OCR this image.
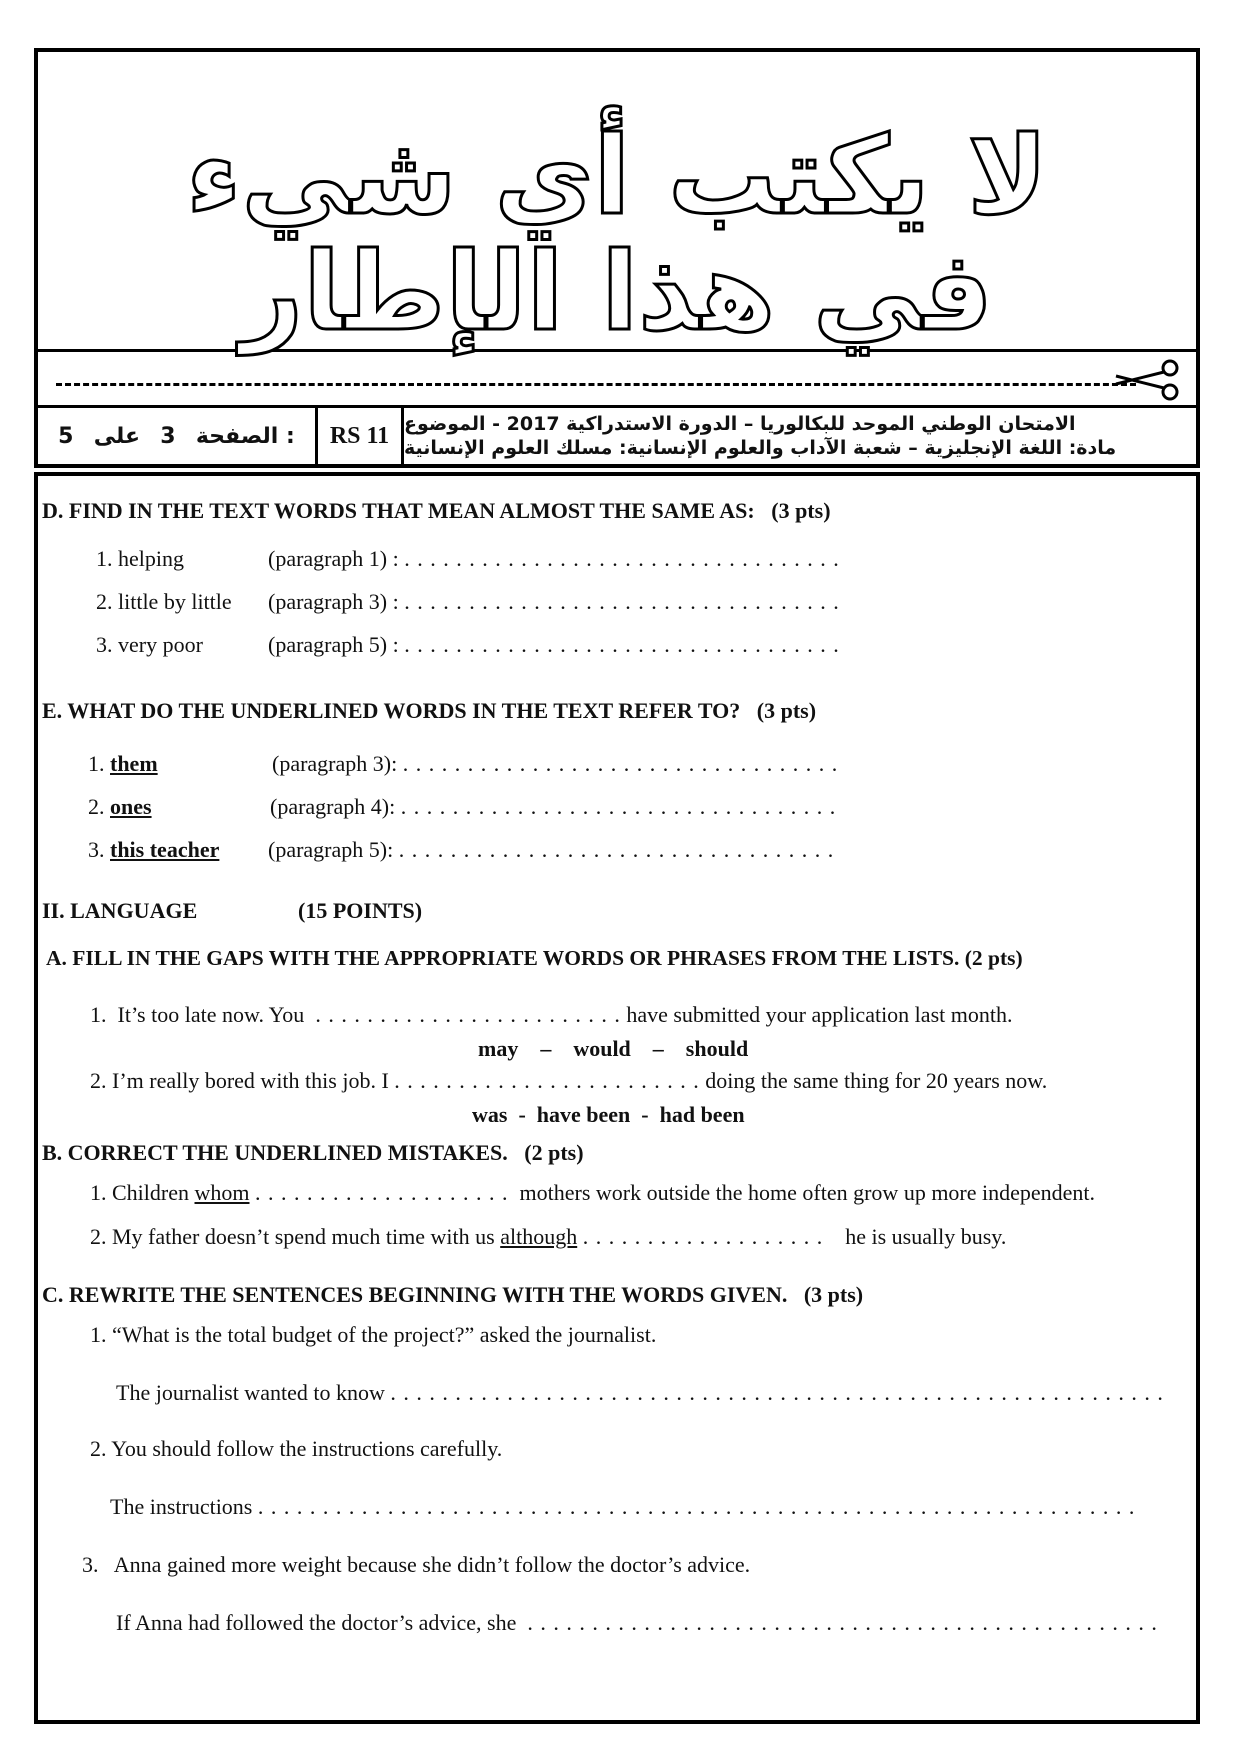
لا يكتب أي شيء
في هذا الإطار
5 على 3 الصفحة :	RS 11 الامتحان الوطني الموحد للبكالوريا – الدورة الاستدراكية 2017 - الموضوع
مادة: اللغة الإنجليزية – شعبة الآداب والعلوم الإنسانية: مسلك العلوم الإنسانية
D. FIND IN THE TEXT WORDS THAT MEAN ALMOST THE SAME AS: (3 pts)
1. helping	(paragraph 1) : . . . . . . . . . . . . . . . . . . . . . . . . . . . . . . . . . .
2. little by little (paragraph 3) : . . . . . . . . . . . . . . . . . . . . . . . . . . . . . . . . . .
3. very poor	(paragraph 5) : . . . . . . . . . . . . . . . . . . . . . . . . . . . . . . . . . .
E. WHAT DO THE UNDERLINED WORDS IN THE TEXT REFER TO? (3 pts)
1. them	(paragraph 3): . . . . . . . . . . . . . . . . . . . . . . . . . . . . . . . . . .
2. ones	(paragraph 4): . . . . . . . . . . . . . . . . . . . . . . . . . . . . . . . . . .
3. this teacher (paragraph 5): . . . . . . . . . . . . . . . . . . . . . . . . . . . . . . . . . .
II. LANGUAGE	(15 POINTS)
A. FILL IN THE GAPS WITH THE APPROPRIATE WORDS OR PHRASES FROM THE LISTS. (2 pts)
1. It’s too late now. You . . . . . . . . . . . . . . . . . . . . . . . . have submitted your application last month.
may    –    would    –    should
2. I’m really bored with this job. I . . . . . . . . . . . . . . . . . . . . . . . . doing the same thing for 20 years now.
was  -  have been  -  had been
B. CORRECT THE UNDERLINED MISTAKES. (2 pts)
1. Children whom . . . . . . . . . . . . . . . . . . . . mothers work outside the home often grow up more independent.
2. My father doesn’t spend much time with us although . . . . . . . . . . . . . . . . . . . he is usually busy.
C. REWRITE THE SENTENCES BEGINNING WITH THE WORDS GIVEN. (3 pts)
1. “What is the total budget of the project?” asked the journalist.
The journalist wanted to know . . . . . . . . . . . . . . . . . . . . . . . . . . . . . . . . . . . . . . . . . . . . . . . . . . . . . . . . . . . .
2. You should follow the instructions carefully.
The instructions . . . . . . . . . . . . . . . . . . . . . . . . . . . . . . . . . . . . . . . . . . . . . . . . . . . . . . . . . . . . . . . . . . . .
3. Anna gained more weight because she didn’t follow the doctor’s advice.
If Anna had followed the doctor’s advice, she . . . . . . . . . . . . . . . . . . . . . . . . . . . . . . . . . . . . . . . . . . . . . . . . .
